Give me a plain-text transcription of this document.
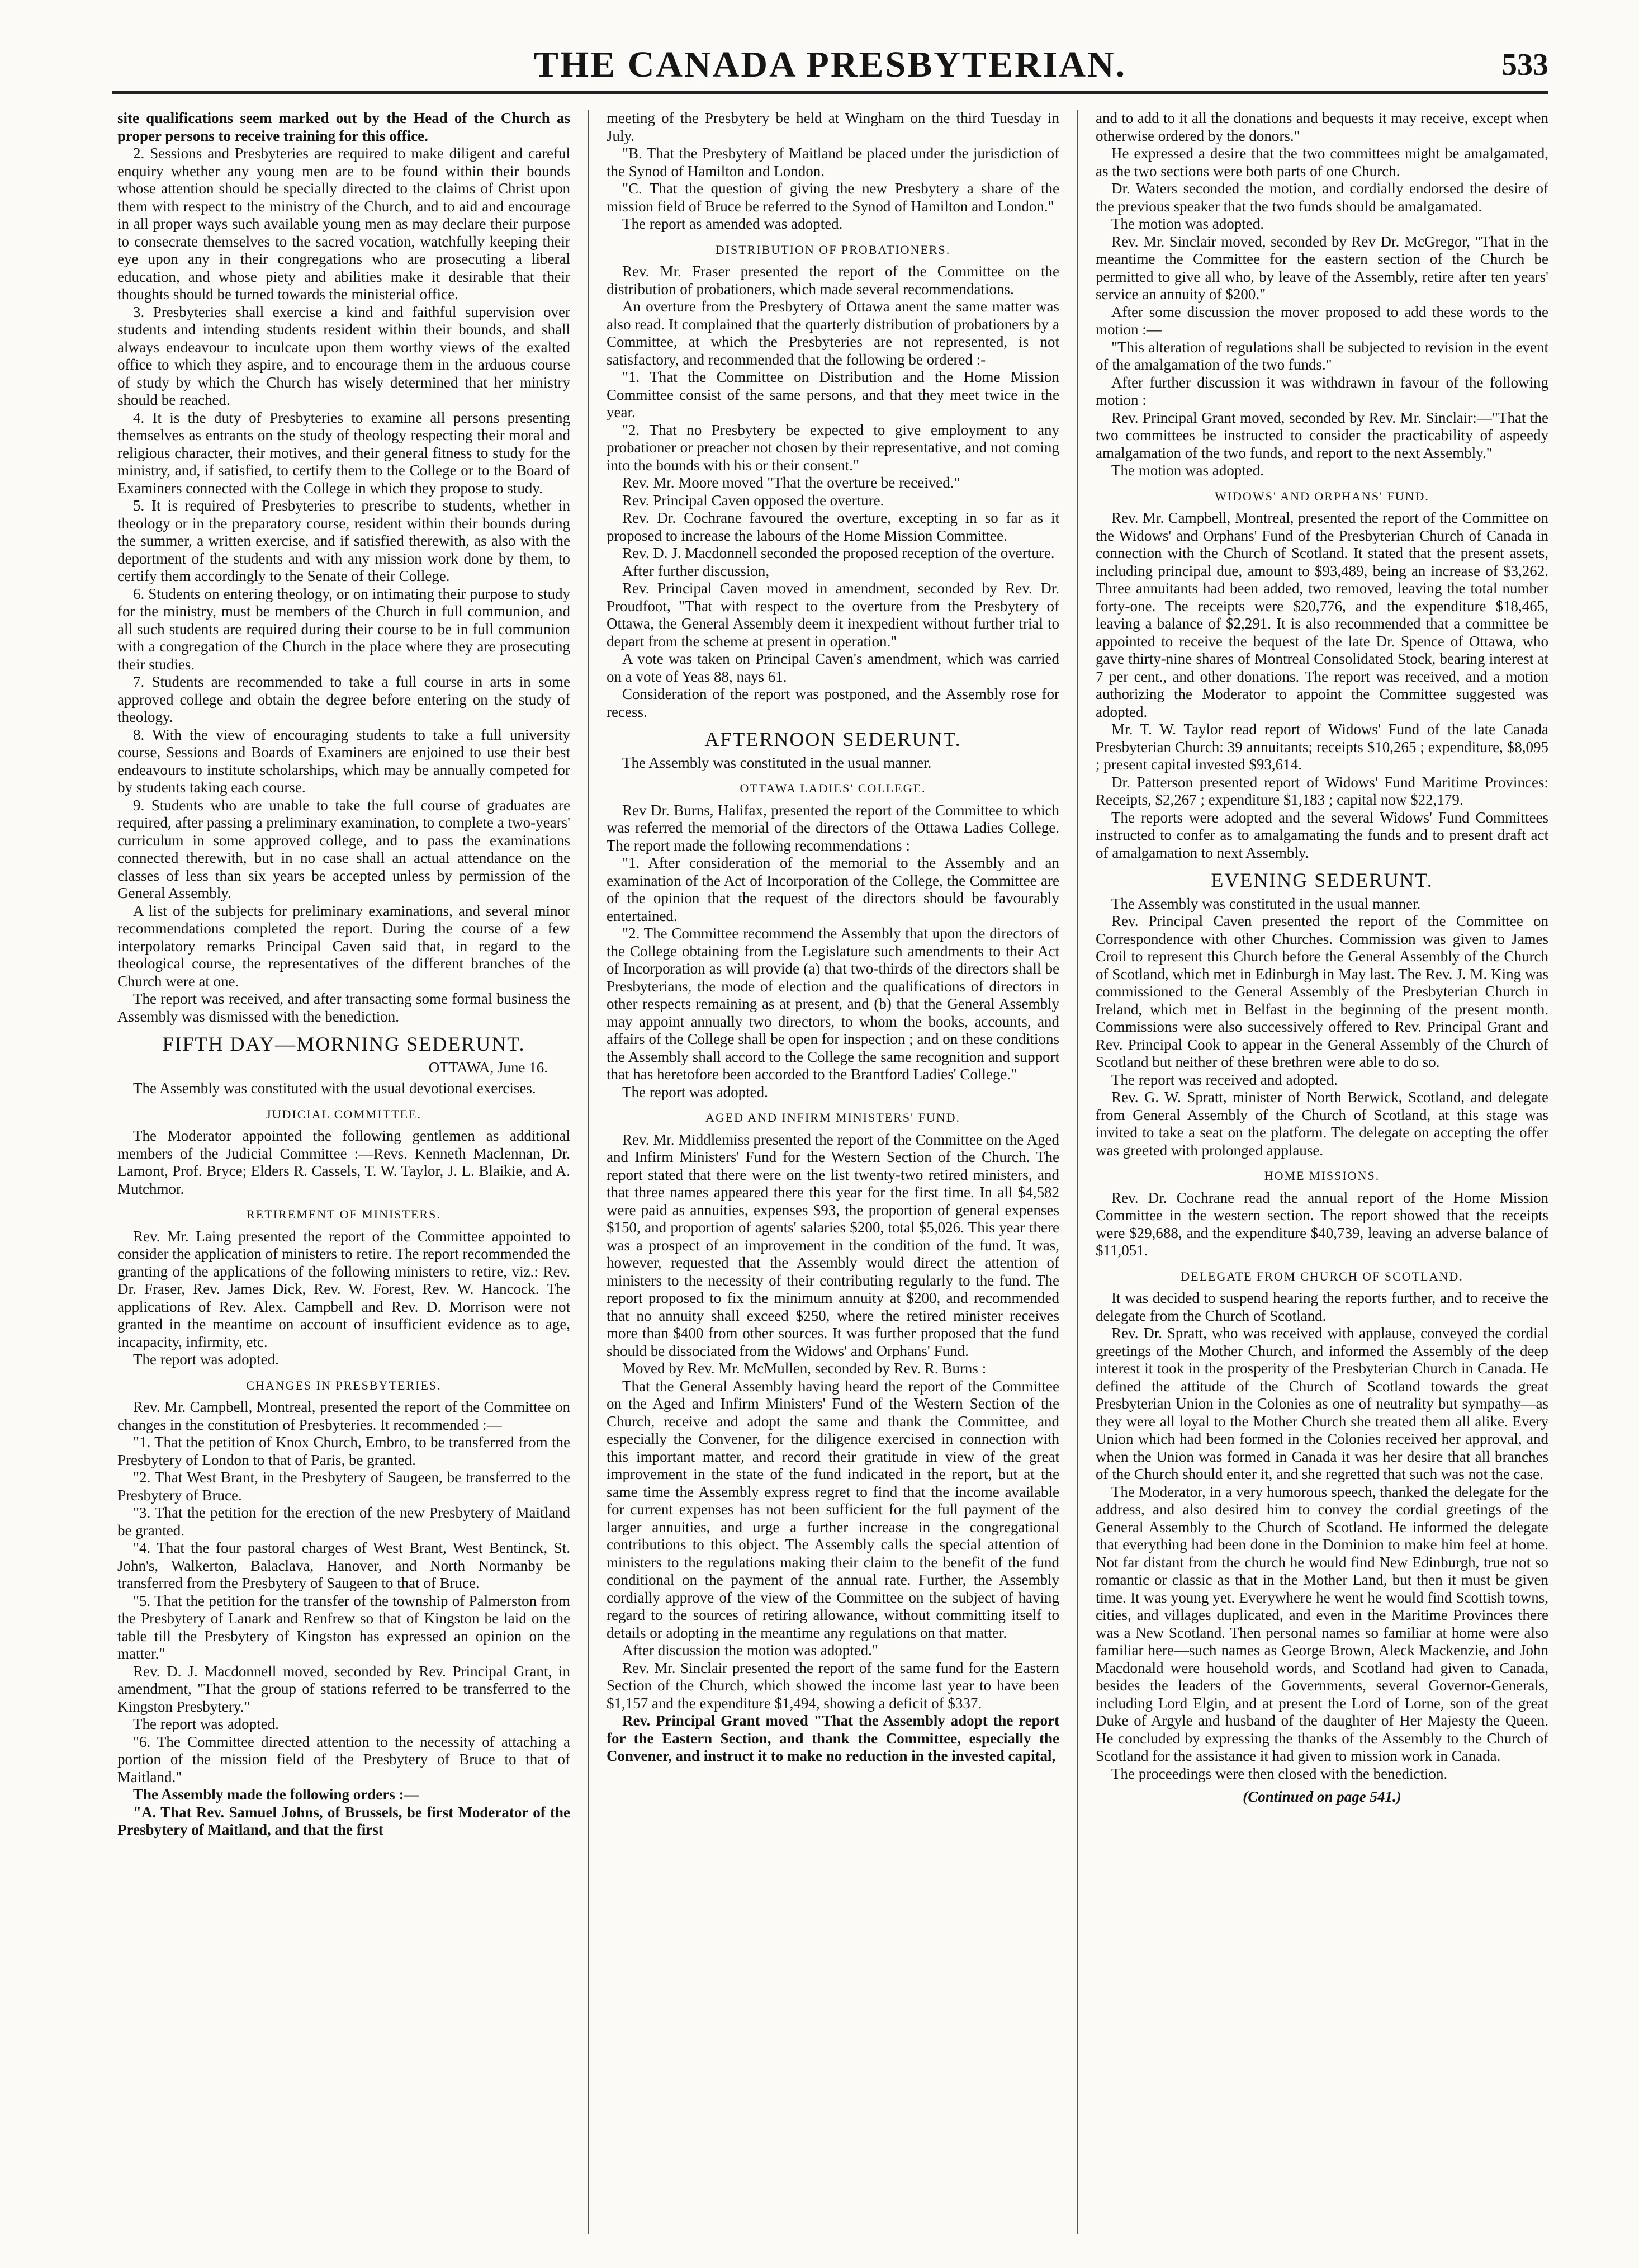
THE CANADA PRESBYTERIAN.	533

site qualifications seem marked out by the Head of the Church as proper persons to receive training for this office.

2. Sessions and Presbyteries are required to make diligent and careful enquiry whether any young men are to be found within their bounds whose attention should be specially directed to the claims of Christ upon them with respect to the ministry of the Church, and to aid and encourage in all proper ways such available young men as may declare their purpose to consecrate themselves to the sacred vocation, watchfully keeping their eye upon any in their congregations who are prosecuting a liberal education, and whose piety and abilities make it desirable that their thoughts should be turned towards the ministerial office.

3. Presbyteries shall exercise a kind and faithful supervision over students and intending students resident within their bounds, and shall always endeavour to inculcate upon them worthy views of the exalted office to which they aspire, and to encourage them in the arduous course of study by which the Church has wisely determined that her ministry should be reached.

4. It is the duty of Presbyteries to examine all persons presenting themselves as entrants on the study of theology respecting their moral and religious character, their motives, and their general fitness to study for the ministry, and, if satisfied, to certify them to the College or to the Board of Examiners connected with the College in which they propose to study.

5. It is required of Presbyteries to prescribe to students, whether in theology or in the preparatory course, resident within their bounds during the summer, a written exercise, and if satisfied therewith, as also with the deportment of the students and with any mission work done by them, to certify them accordingly to the Senate of their College.

6. Students on entering theology, or on intimating their purpose to study for the ministry, must be members of the Church in full communion, and all such students are required during their course to be in full communion with a congregation of the Church in the place where they are prosecuting their studies.

7. Students are recommended to take a full course in arts in some approved college and obtain the degree before entering on the study of theology.

8. With the view of encouraging students to take a full university course, Sessions and Boards of Examiners are enjoined to use their best endeavours to institute scholarships, which may be annually competed for by students taking each course.

9. Students who are unable to take the full course of graduates are required, after passing a preliminary examination, to complete a two-years' curriculum in some approved college, and to pass the examinations connected therewith, but in no case shall an actual attendance on the classes of less than six years be accepted unless by permission of the General Assembly.

A list of the subjects for preliminary examinations, and several minor recommendations completed the report. During the course of a few interpolatory remarks Principal Caven said that, in regard to the theological course, the representatives of the different branches of the Church were at one.

The report was received, and after transacting some formal business the Assembly was dismissed with the benediction.

FIFTH DAY—MORNING SEDERUNT.
OTTAWA, June 16.

The Assembly was constituted with the usual devotional exercises.

JUDICIAL COMMITTEE.

The Moderator appointed the following gentlemen as additional members of the Judicial Committee :—Revs. Kenneth Maclennan, Dr. Lamont, Prof. Bryce; Elders R. Cassels, T. W. Taylor, J. L. Blaikie, and A. Mutchmor.

RETIREMENT OF MINISTERS.

Rev. Mr. Laing presented the report of the Committee appointed to consider the application of ministers to retire. The report recommended the granting of the applications of the following ministers to retire, viz.: Rev. Dr. Fraser, Rev. James Dick, Rev. W. Forest, Rev. W. Hancock. The applications of Rev. Alex. Campbell and Rev. D. Morrison were not granted in the meantime on account of insufficient evidence as to age, incapacity, infirmity, etc.

The report was adopted.

CHANGES IN PRESBYTERIES.

Rev. Mr. Campbell, Montreal, presented the report of the Committee on changes in the constitution of Presbyteries. It recommended :—

"1. That the petition of Knox Church, Embro, to be transferred from the Presbytery of London to that of Paris, be granted.

"2. That West Brant, in the Presbytery of Saugeen, be transferred to the Presbytery of Bruce.

"3. That the petition for the erection of the new Presbytery of Maitland be granted.

"4. That the four pastoral charges of West Brant, West Bentinck, St. John's, Walkerton, Balaclava, Hanover, and North Normanby be transferred from the Presbytery of Saugeen to that of Bruce.

"5. That the petition for the transfer of the township of Palmerston from the Presbytery of Lanark and Renfrew so that of Kingston be laid on the table till the Presbytery of Kingston has expressed an opinion on the matter."

Rev. D. J. Macdonnell moved, seconded by Rev. Principal Grant, in amendment, "That the group of stations referred to be transferred to the Kingston Presbytery."

The report was adopted.

"6. The Committee directed attention to the necessity of attaching a portion of the mission field of the Presbytery of Bruce to that of Maitland."

The Assembly made the following orders :—

"A. That Rev. Samuel Johns, of Brussels, be first Moderator of the Presbytery of Maitland, and that the first

meeting of the Presbytery be held at Wingham on the third Tuesday in July.

"B. That the Presbytery of Maitland be placed under the jurisdiction of the Synod of Hamilton and London.

"C. That the question of giving the new Presbytery a share of the mission field of Bruce be referred to the Synod of Hamilton and London."

The report as amended was adopted.

DISTRIBUTION OF PROBATIONERS.

Rev. Mr. Fraser presented the report of the Committee on the distribution of probationers, which made several recommendations.

An overture from the Presbytery of Ottawa anent the same matter was also read. It complained that the quarterly distribution of probationers by a Committee, at which the Presbyteries are not represented, is not satisfactory, and recommended that the following be ordered :-

"1. That the Committee on Distribution and the Home Mission Committee consist of the same persons, and that they meet twice in the year.

"2. That no Presbytery be expected to give employment to any probationer or preacher not chosen by their representative, and not coming into the bounds with his or their consent."

Rev. Mr. Moore moved "That the overture be received."

Rev. Principal Caven opposed the overture.

Rev. Dr. Cochrane favoured the overture, excepting in so far as it proposed to increase the labours of the Home Mission Committee.

Rev. D. J. Macdonnell seconded the proposed reception of the overture.

After further discussion,

Rev. Principal Caven moved in amendment, seconded by Rev. Dr. Proudfoot, "That with respect to the overture from the Presbytery of Ottawa, the General Assembly deem it inexpedient without further trial to depart from the scheme at present in operation."

A vote was taken on Principal Caven's amendment, which was carried on a vote of Yeas 88, nays 61.

Consideration of the report was postponed, and the Assembly rose for recess.

AFTERNOON SEDERUNT.

The Assembly was constituted in the usual manner.

OTTAWA LADIES' COLLEGE.

Rev Dr. Burns, Halifax, presented the report of the Committee to which was referred the memorial of the directors of the Ottawa Ladies College. The report made the following recommendations :

"1. After consideration of the memorial to the Assembly and an examination of the Act of Incorporation of the College, the Committee are of the opinion that the request of the directors should be favourably entertained.

"2. The Committee recommend the Assembly that upon the directors of the College obtaining from the Legislature such amendments to their Act of Incorporation as will provide (a) that two-thirds of the directors shall be Presbyterians, the mode of election and the qualifications of directors in other respects remaining as at present, and (b) that the General Assembly may appoint annually two directors, to whom the books, accounts, and affairs of the College shall be open for inspection ; and on these conditions the Assembly shall accord to the College the same recognition and support that has heretofore been accorded to the Brantford Ladies' College."

The report was adopted.

AGED AND INFIRM MINISTERS' FUND.

Rev. Mr. Middlemiss presented the report of the Committee on the Aged and Infirm Ministers' Fund for the Western Section of the Church. The report stated that there were on the list twenty-two retired ministers, and that three names appeared there this year for the first time. In all $4,582 were paid as annuities, expenses $93, the proportion of general expenses $150, and proportion of agents' salaries $200, total $5,026. This year there was a prospect of an improvement in the condition of the fund. It was, however, requested that the Assembly would direct the attention of ministers to the necessity of their contributing regularly to the fund. The report proposed to fix the minimum annuity at $200, and recommended that no annuity shall exceed $250, where the retired minister receives more than $400 from other sources. It was further proposed that the fund should be dissociated from the Widows' and Orphans' Fund.

Moved by Rev. Mr. McMullen, seconded by Rev. R. Burns :

That the General Assembly having heard the report of the Committee on the Aged and Infirm Ministers' Fund of the Western Section of the Church, receive and adopt the same and thank the Committee, and especially the Convener, for the diligence exercised in connection with this important matter, and record their gratitude in view of the great improvement in the state of the fund indicated in the report, but at the same time the Assembly express regret to find that the income available for current expenses has not been sufficient for the full payment of the larger annuities, and urge a further increase in the congregational contributions to this object. The Assembly calls the special attention of ministers to the regulations making their claim to the benefit of the fund conditional on the payment of the annual rate. Further, the Assembly cordially approve of the view of the Committee on the subject of having regard to the sources of retiring allowance, without committing itself to details or adopting in the meantime any regulations on that matter.

After discussion the motion was adopted."

Rev. Mr. Sinclair presented the report of the same fund for the Eastern Section of the Church, which showed the income last year to have been $1,157 and the expenditure $1,494, showing a deficit of $337.

Rev. Principal Grant moved "That the Assembly adopt the report for the Eastern Section, and thank the Committee, especially the Convener, and instruct it to make no reduction in the invested capital,

and to add to it all the donations and bequests it may receive, except when otherwise ordered by the donors."

He expressed a desire that the two committees might be amalgamated, as the two sections were both parts of one Church.

Dr. Waters seconded the motion, and cordially endorsed the desire of the previous speaker that the two funds should be amalgamated.

The motion was adopted.

Rev. Mr. Sinclair moved, seconded by Rev Dr. McGregor, "That in the meantime the Committee for the eastern section of the Church be permitted to give all who, by leave of the Assembly, retire after ten years' service an annuity of $200."

After some discussion the mover proposed to add these words to the motion :—

"This alteration of regulations shall be subjected to revision in the event of the amalgamation of the two funds."

After further discussion it was withdrawn in favour of the following motion :

Rev. Principal Grant moved, seconded by Rev. Mr. Sinclair:—"That the two committees be instructed to consider the practicability of aspeedy amalgamation of the two funds, and report to the next Assembly."

The motion was adopted.

WIDOWS' AND ORPHANS' FUND.

Rev. Mr. Campbell, Montreal, presented the report of the Committee on the Widows' and Orphans' Fund of the Presbyterian Church of Canada in connection with the Church of Scotland. It stated that the present assets, including principal due, amount to $93,489, being an increase of $3,262. Three annuitants had been added, two removed, leaving the total number forty-one. The receipts were $20,776, and the expenditure $18,465, leaving a balance of $2,291. It is also recommended that a committee be appointed to receive the bequest of the late Dr. Spence of Ottawa, who gave thirty-nine shares of Montreal Consolidated Stock, bearing interest at 7 per cent., and other donations. The report was received, and a motion authorizing the Moderator to appoint the Committee suggested was adopted.

Mr. T. W. Taylor read report of Widows' Fund of the late Canada Presbyterian Church: 39 annuitants; receipts $10,265 ; expenditure, $8,095 ; present capital invested $93,614.

Dr. Patterson presented report of Widows' Fund Maritime Provinces: Receipts, $2,267 ; expenditure $1,183 ; capital now $22,179.

The reports were adopted and the several Widows' Fund Committees instructed to confer as to amalgamating the funds and to present draft act of amalgamation to next Assembly.

EVENING SEDERUNT.

The Assembly was constituted in the usual manner.

Rev. Principal Caven presented the report of the Committee on Correspondence with other Churches. Commission was given to James Croil to represent this Church before the General Assembly of the Church of Scotland, which met in Edinburgh in May last. The Rev. J. M. King was commissioned to the General Assembly of the Presbyterian Church in Ireland, which met in Belfast in the beginning of the present month. Commissions were also successively offered to Rev. Principal Grant and Rev. Principal Cook to appear in the General Assembly of the Church of Scotland but neither of these brethren were able to do so.

The report was received and adopted.

Rev. G. W. Spratt, minister of North Berwick, Scotland, and delegate from General Assembly of the Church of Scotland, at this stage was invited to take a seat on the platform. The delegate on accepting the offer was greeted with prolonged applause.

HOME MISSIONS.

Rev. Dr. Cochrane read the annual report of the Home Mission Committee in the western section. The report showed that the receipts were $29,688, and the expenditure $40,739, leaving an adverse balance of $11,051.

DELEGATE FROM CHURCH OF SCOTLAND.

It was decided to suspend hearing the reports further, and to receive the delegate from the Church of Scotland.

Rev. Dr. Spratt, who was received with applause, conveyed the cordial greetings of the Mother Church, and informed the Assembly of the deep interest it took in the prosperity of the Presbyterian Church in Canada. He defined the attitude of the Church of Scotland towards the great Presbyterian Union in the Colonies as one of neutrality but sympathy—as they were all loyal to the Mother Church she treated them all alike. Every Union which had been formed in the Colonies received her approval, and when the Union was formed in Canada it was her desire that all branches of the Church should enter it, and she regretted that such was not the case.

The Moderator, in a very humorous speech, thanked the delegate for the address, and also desired him to convey the cordial greetings of the General Assembly to the Church of Scotland. He informed the delegate that everything had been done in the Dominion to make him feel at home. Not far distant from the church he would find New Edinburgh, true not so romantic or classic as that in the Mother Land, but then it must be given time. It was young yet. Everywhere he went he would find Scottish towns, cities, and villages duplicated, and even in the Maritime Provinces there was a New Scotland. Then personal names so familiar at home were also familiar here—such names as George Brown, Aleck Mackenzie, and John Macdonald were household words, and Scotland had given to Canada, besides the leaders of the Governments, several Governor-Generals, including Lord Elgin, and at present the Lord of Lorne, son of the great Duke of Argyle and husband of the daughter of Her Majesty the Queen. He concluded by expressing the thanks of the Assembly to the Church of Scotland for the assistance it had given to mission work in Canada.

The proceedings were then closed with the benediction.

(Continued on page 541.)
